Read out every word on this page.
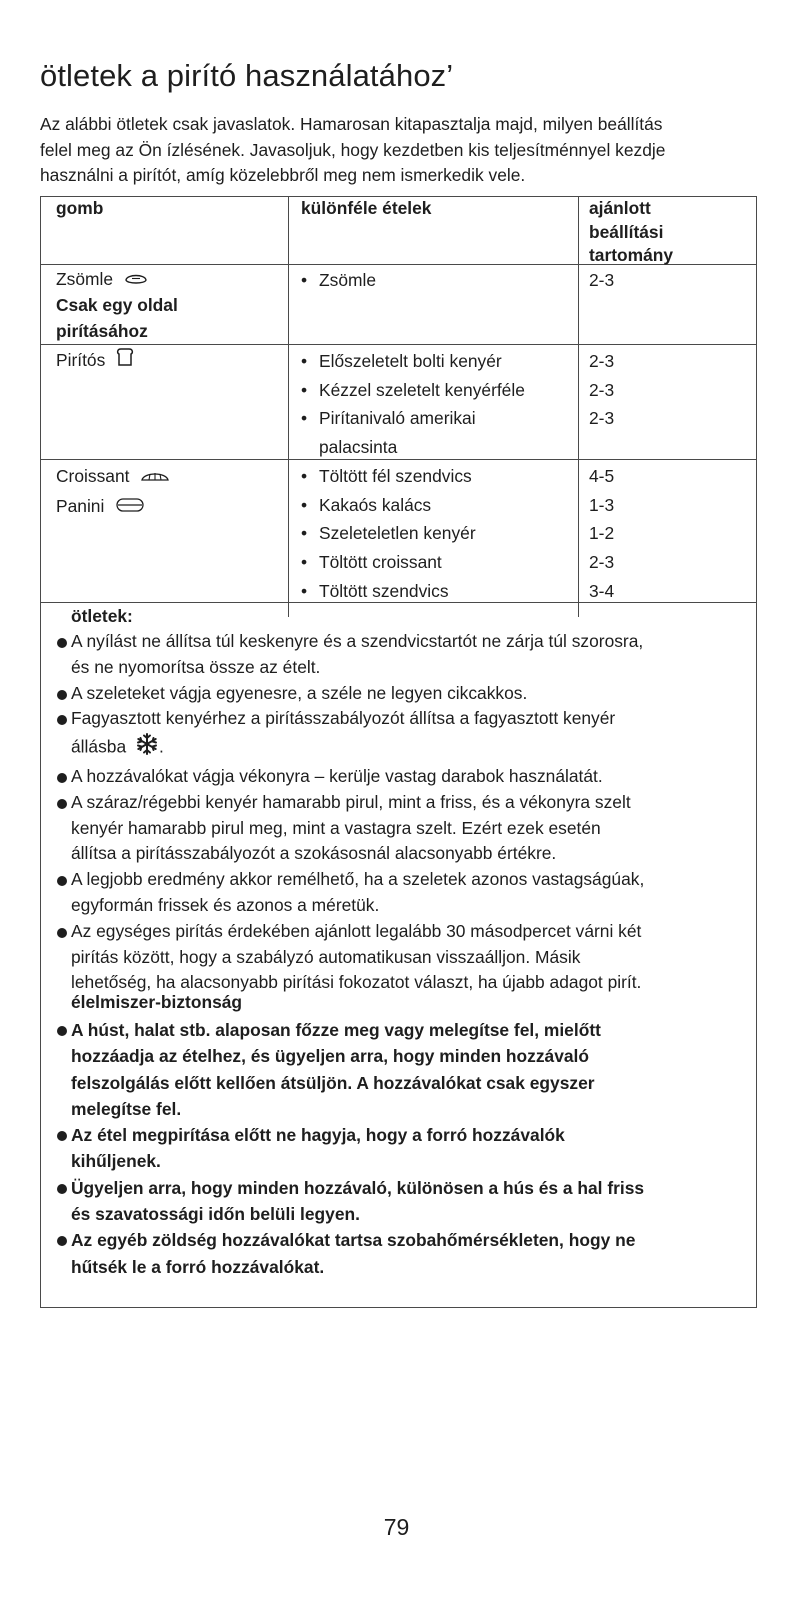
ötletek a pirító használatához’
Az alábbi ötletek csak javaslatok. Hamarosan kitapasztalja majd, milyen beállítás
felel meg az Ön ízlésének. Javasoljuk, hogy kezdetben kis teljesítménnyel kezdje
használni a pirítót, amíg közelebbről meg nem ismerkedik vele.
gomb	különféle ételek	ajánlott
beállítási
tartomány
Zsömle
Csak egy oldal
pirításához
• Zsömle	2-3
Pirítós
•	Előszeletelt bolti kenyér
• Kézzel szeletelt kenyérféle
• Pirítanivaló amerikai
palacsinta
2-3
2-3
2-3
Croissant
Panini
• Töltött fél szendvics
• Kakaós kalács
• Szeleteletlen kenyér
• Töltött croissant
• Töltött szendvics
4-5
1-3
1-2
2-3
3-4
ötletek:
A nyílást ne állítsa túl keskenyre és a szendvicstartót ne zárja túl szorosra,
és ne nyomorítsa össze az ételt.
A szeleteket vágja egyenesre, a széle ne legyen cikcakkos.
Fagyasztott kenyérhez a pirításszabályozót állítsa a fagyasztott kenyér
állásba .
A hozzávalókat vágja vékonyra – kerülje vastag darabok használatát.
A száraz/régebbi kenyér hamarabb pirul, mint a friss, és a vékonyra szelt
kenyér hamarabb pirul meg, mint a vastagra szelt. Ezért ezek esetén
állítsa a pirításszabályozót a szokásosnál alacsonyabb értékre.
A legjobb eredmény akkor remélhető, ha a szeletek azonos vastagságúak,
egyformán frissek és azonos a méretük.
Az egységes pirítás érdekében ajánlott legalább 30 másodpercet várni két
pirítás között, hogy a szabályzó automatikusan visszaálljon. Másik
lehetőség, ha alacsonyabb pirítási fokozatot választ, ha újabb adagot pirít.
élelmiszer-biztonság
A húst, halat stb. alaposan főzze meg vagy melegítse fel, mielőtt
hozzáadja az ételhez, és ügyeljen arra, hogy minden hozzávaló
felszolgálás előtt kellően átsüljön. A hozzávalókat csak egyszer
melegítse fel.
Az étel megpirítása előtt ne hagyja, hogy a forró hozzávalók
kihűljenek.
Ügyeljen arra, hogy minden hozzávaló, különösen a hús és a hal friss
és szavatossági időn belüli legyen.
Az egyéb zöldség hozzávalókat tartsa szobahőmérsékleten, hogy ne
hűtsék le a forró hozzávalókat.
79
